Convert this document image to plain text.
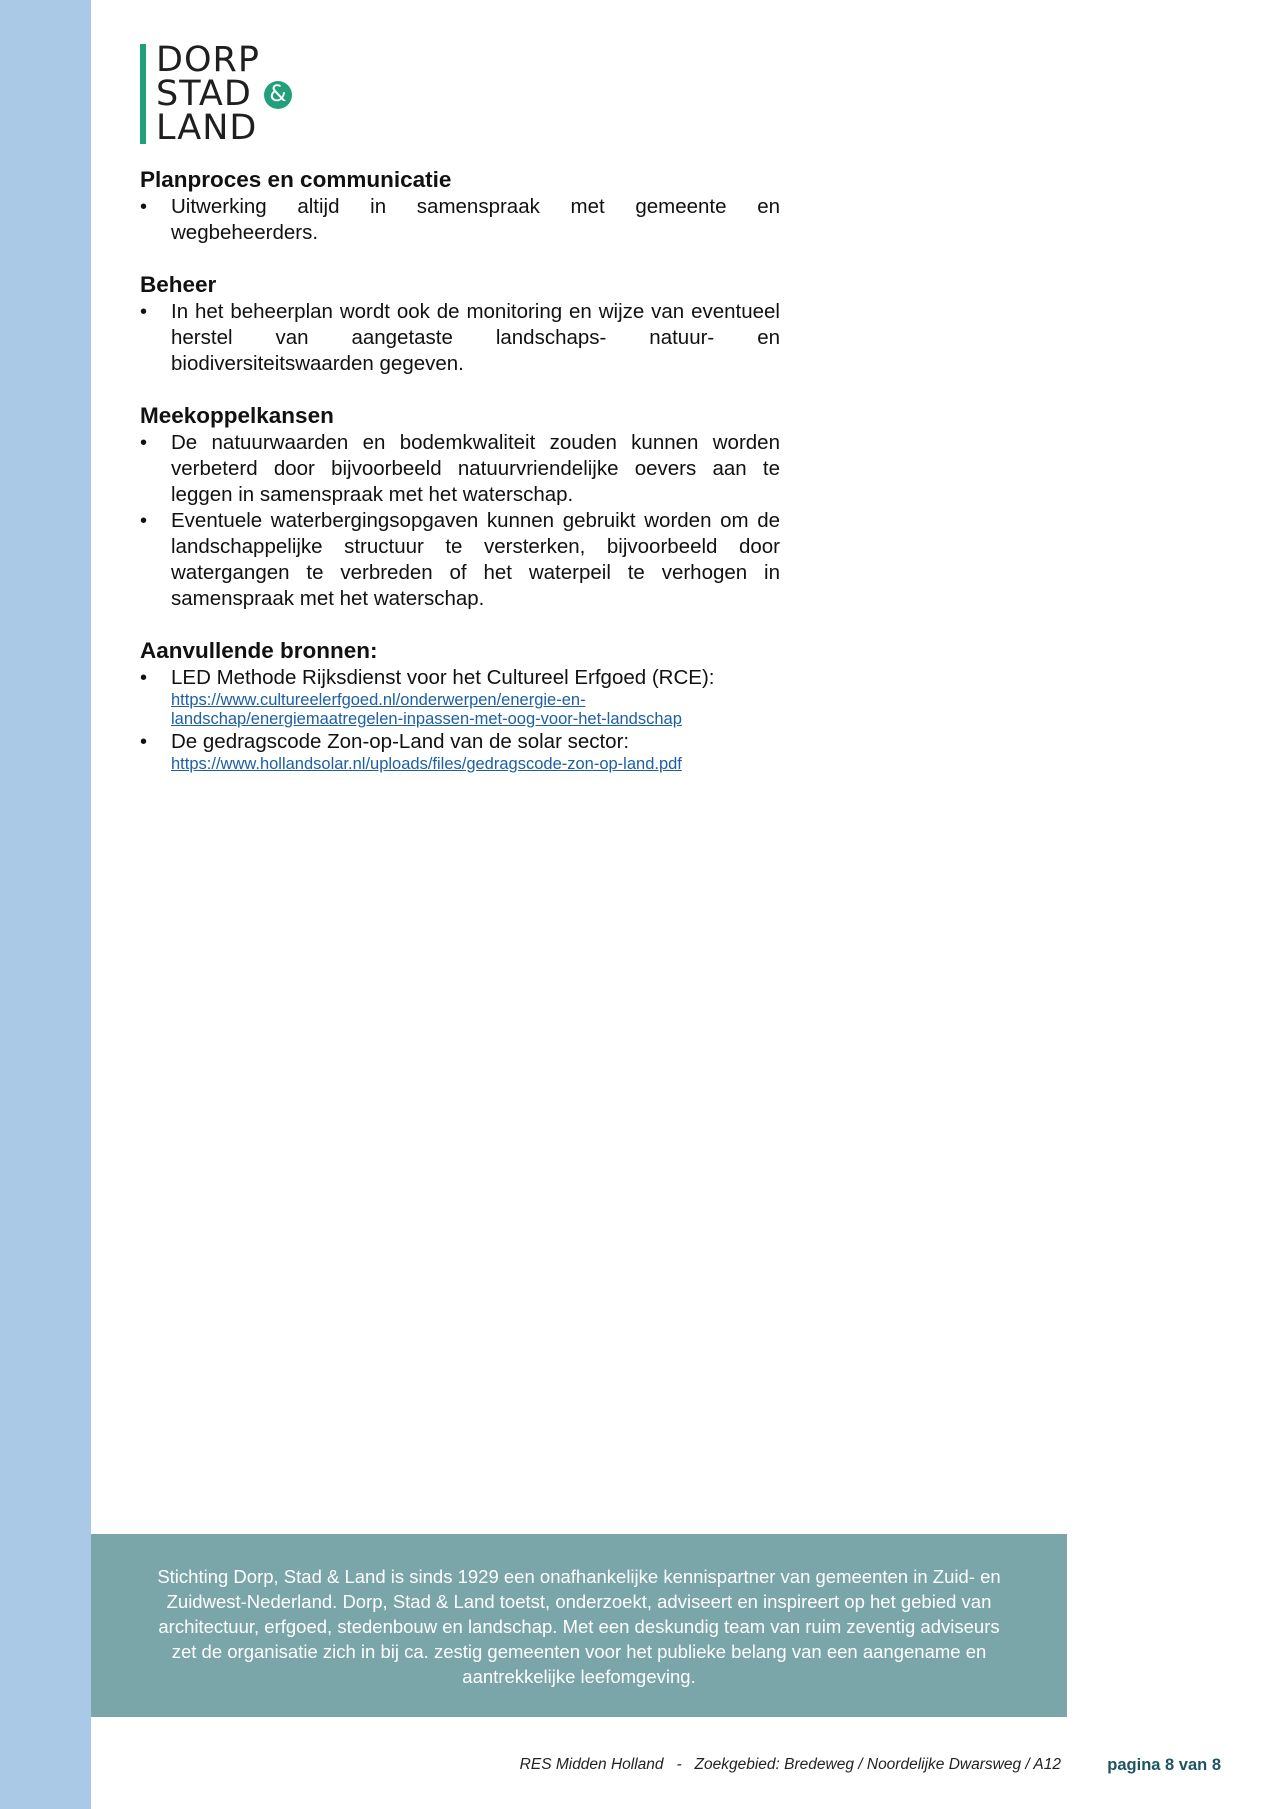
DORP
STAD &
LAND
Planproces en communicatie
• Uitwerking altijd in samenspraak met gemeente en wegbeheerders.
Beheer
• In het beheerplan wordt ook de monitoring en wijze van eventueel herstel van aangetaste landschaps- natuur- en biodiversiteitswaarden gegeven.
Meekoppelkansen
• De natuurwaarden en bodemkwaliteit zouden kunnen worden verbeterd door bijvoorbeeld natuurvriendelijke oevers aan te leggen in samenspraak met het waterschap.
• Eventuele waterbergingsopgaven kunnen gebruikt worden om de landschappelijke structuur te versterken, bijvoorbeeld door watergangen te verbreden of het waterpeil te verhogen in samenspraak met het waterschap.
Aanvullende bronnen:
• LED Methode Rijksdienst voor het Cultureel Erfgoed (RCE):
https://www.cultureelerfgoed.nl/onderwerpen/energie-en-
landschap/energiemaatregelen-inpassen-met-oog-voor-het-landschap
• De gedragscode Zon-op-Land van de solar sector:
https://www.hollandsolar.nl/uploads/files/gedragscode-zon-op-land.pdf
Stichting Dorp, Stad & Land is sinds 1929 een onafhankelijke kennispartner van gemeenten in Zuid- en Zuidwest-Nederland. Dorp, Stad & Land toetst, onderzoekt, adviseert en inspireert op het gebied van architectuur, erfgoed, stedenbouw en landschap. Met een deskundig team van ruim zeventig adviseurs zet de organisatie zich in bij ca. zestig gemeenten voor het publieke belang van een aangename en aantrekkelijke leefomgeving.
RES Midden Holland   -   Zoekgebied: Bredeweg / Noordelijke Dwarsweg / A12	pagina 8 van 8
